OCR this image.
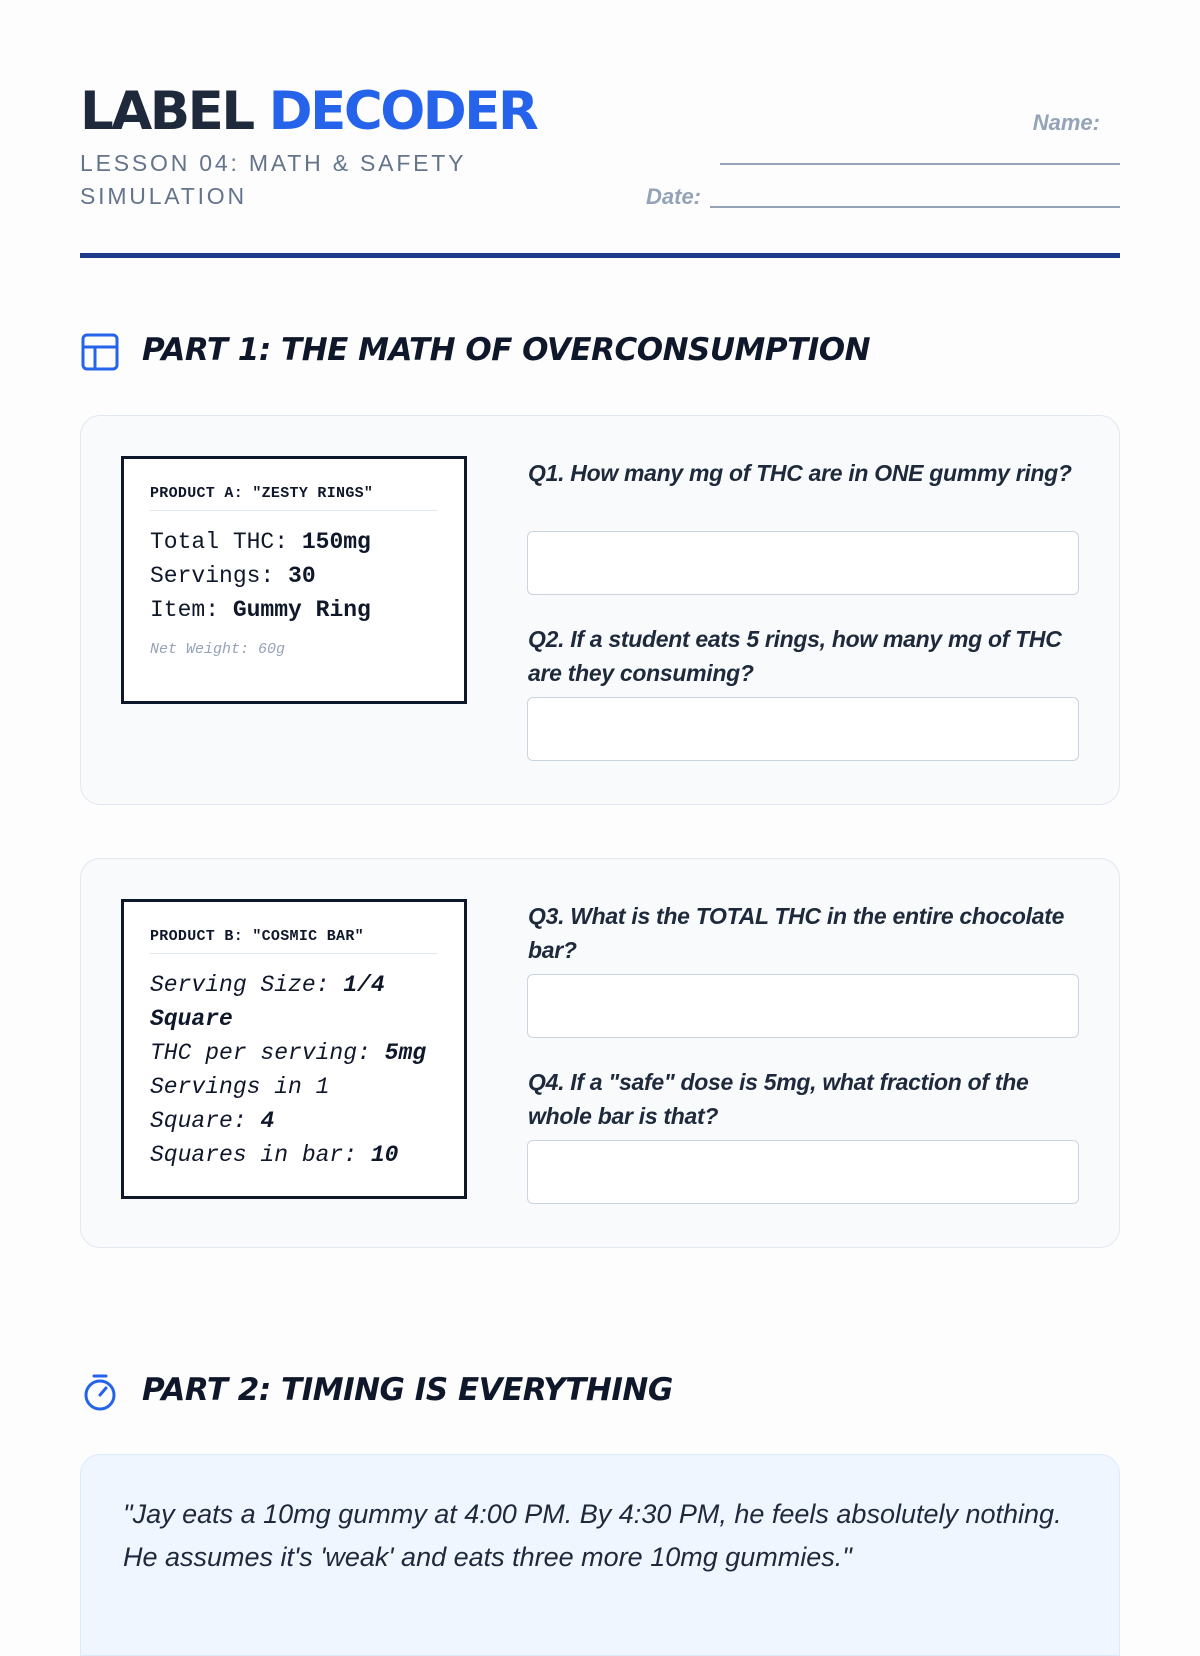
LABEL DECODER
LESSON 04: MATH & SAFETY SIMULATION
Name:
Date:
PART 1: THE MATH OF OVERCONSUMPTION
PRODUCT A: "ZESTY RINGS"
Total THC: 150mg
Servings: 30
Item: Gummy Ring
Net Weight: 60g

Q1. How many mg of THC are in ONE gummy ring?

Q2. If a student eats 5 rings, how many mg of THC are they consuming?

PRODUCT B: "COSMIC BAR"
Serving Size: 1/4 Square
THC per serving: 5mg
Servings in 1 Square: 4
Squares in bar: 10

Q3. What is the TOTAL THC in the entire chocolate bar?

Q4. If a "safe" dose is 5mg, what fraction of the whole bar is that?

PART 2: TIMING IS EVERYTHING

"Jay eats a 10mg gummy at 4:00 PM. By 4:30 PM, he feels absolutely nothing. He assumes it's 'weak' and eats three more 10mg gummies."
